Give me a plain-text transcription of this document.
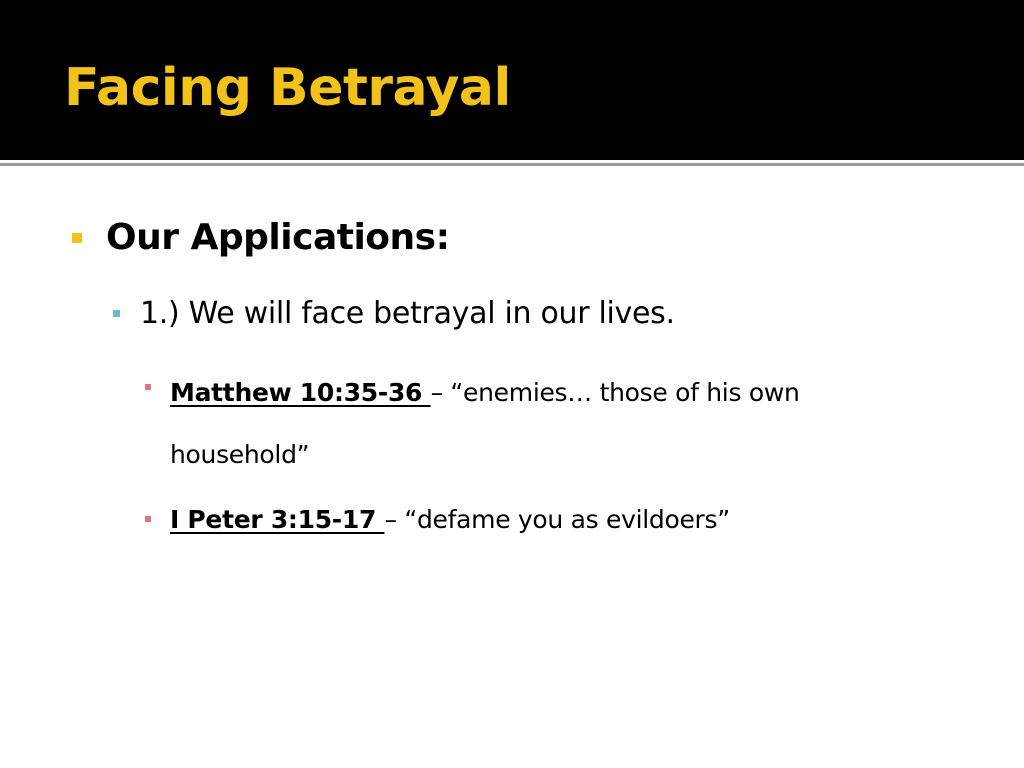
Facing Betrayal

Our Applications:

1.) We will face betrayal in our lives.

Matthew 10:35-36 – “enemies… those of his own household”

I Peter 3:15-17 – “defame you as evildoers”
